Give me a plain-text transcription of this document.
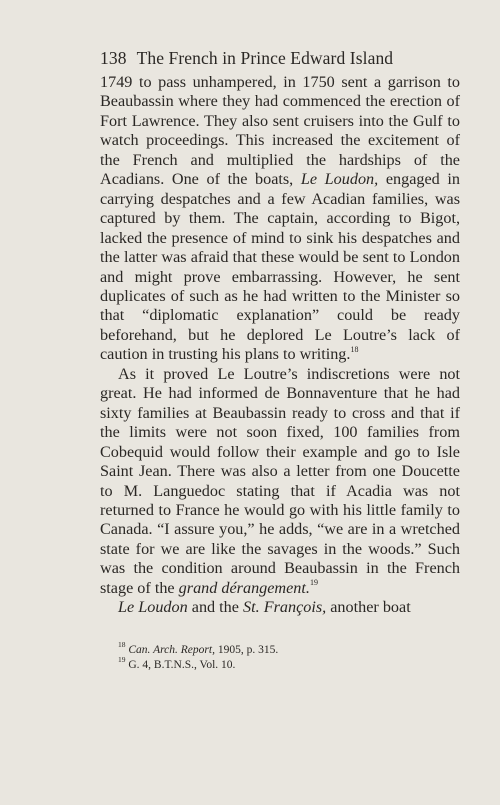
138 The French in Prince Edward Island

1749 to pass unhampered, in 1750 sent a garrison to Beaubassin where they had commenced the erection of Fort Lawrence. They also sent cruisers into the Gulf to watch proceedings. This increased the excitement of the French and multiplied the hardships of the Acadians. One of the boats, Le Loudon, engaged in carrying despatches and a few Acadian families, was captured by them. The captain, according to Bigot, lacked the presence of mind to sink his despatches and the latter was afraid that these would be sent to London and might prove embarrassing. However, he sent duplicates of such as he had written to the Minister so that “diplomatic explanation” could be ready beforehand, but he deplored Le Loutre’s lack of caution in trusting his plans to writing.$^{18}$

As it proved Le Loutre’s indiscretions were not great. He had informed de Bonnaventure that he had sixty families at Beaubassin ready to cross and that if the limits were not soon fixed, 100 families from Cobequid would follow their example and go to Isle Saint Jean. There was also a letter from one Doucette to M. Languedoc stating that if Acadia was not returned to France he would go with his little family to Canada. “I assure you,” he adds, “we are in a wretched state for we are like the savages in the woods.” Such was the condition around Beaubassin in the French stage of the grand dérangement.$^{19}$

Le Loudon and the St. François, another boat

$^{18}$ Can. Arch. Report, 1905, p. 315.
$^{19}$ G. 4, B.T.N.S., Vol. 10.
